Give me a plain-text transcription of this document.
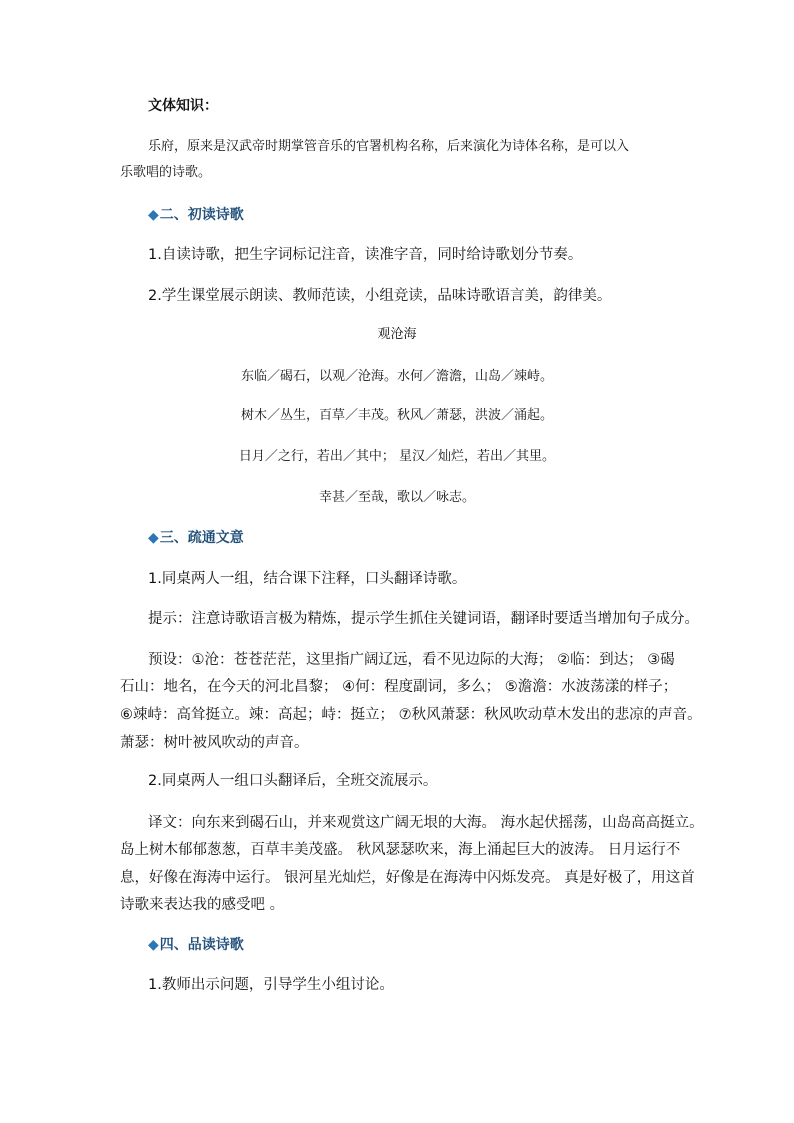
文体知识：
乐府，原来是汉武帝时期掌管音乐的官署机构名称，后来演化为诗体名称，是可以入
乐歌唱的诗歌。
◆二、初读诗歌
1.自读诗歌，把生字词标记注音，读准字音，同时给诗歌划分节奏。
2.学生课堂展示朗读、教师范读，小组竞读，品味诗歌语言美，韵律美。
观沧海
东临／碣石，以观／沧海。水何／澹澹，山岛／竦峙。
树木／丛生，百草／丰茂。秋风／萧瑟，洪波／涌起。
日月／之行，若出／其中； 星汉／灿烂，若出／其里。
幸甚／至哉，歌以／咏志。
◆三、疏通文意
1.同桌两人一组，结合课下注释，口头翻译诗歌。
提示：注意诗歌语言极为精炼，提示学生抓住关键词语，翻译时要适当增加句子成分。
预设：①沧：苍苍茫茫，这里指广阔辽远，看不见边际的大海； ②临：到达； ③碣
石山：地名，在今天的河北昌黎； ④何：程度副词，多么； ⑤澹澹：水波荡漾的样子；
⑥竦峙：高耸挺立。竦：高起；峙：挺立； ⑦秋风萧瑟：秋风吹动草木发出的悲凉的声音。
萧瑟：树叶被风吹动的声音。
2.同桌两人一组口头翻译后，全班交流展示。
译文：向东来到碣石山，并来观赏这广阔无垠的大海。 海水起伏摇荡，山岛高高挺立。
岛上树木郁郁葱葱，百草丰美茂盛。 秋风瑟瑟吹来，海上涌起巨大的波涛。 日月运行不
息，好像在海涛中运行。 银河星光灿烂，好像是在海涛中闪烁发亮。 真是好极了，用这首
诗歌来表达我的感受吧 。
◆四、品读诗歌
1.教师出示问题，引导学生小组讨论。
